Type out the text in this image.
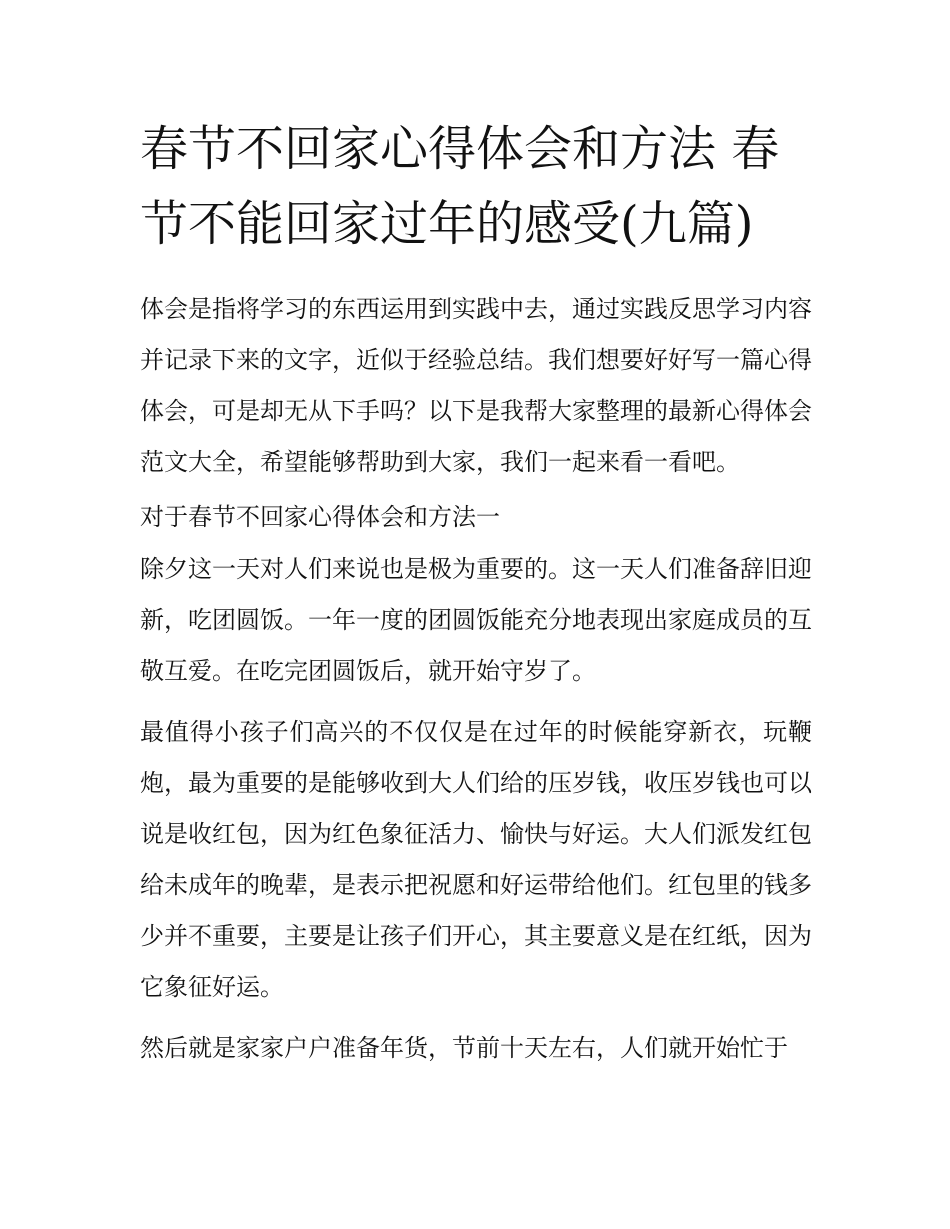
春节不回家心得体会和方法 春节不能回家过年的感受(九篇)

体会是指将学习的东西运用到实践中去，通过实践反思学习内容并记录下来的文字，近似于经验总结。我们想要好好写一篇心得体会，可是却无从下手吗？以下是我帮大家整理的最新心得体会范文大全，希望能够帮助到大家，我们一起来看一看吧。

对于春节不回家心得体会和方法一

除夕这一天对人们来说也是极为重要的。这一天人们准备辞旧迎新，吃团圆饭。一年一度的团圆饭能充分地表现出家庭成员的互敬互爱。在吃完团圆饭后，就开始守岁了。

最值得小孩子们高兴的不仅仅是在过年的时候能穿新衣，玩鞭炮，最为重要的是能够收到大人们给的压岁钱，收压岁钱也可以说是收红包，因为红色象征活力、愉快与好运。大人们派发红包给未成年的晚辈，是表示把祝愿和好运带给他们。红包里的钱多少并不重要，主要是让孩子们开心，其主要意义是在红纸，因为它象征好运。

然后就是家家户户准备年货，节前十天左右，人们就开始忙于
